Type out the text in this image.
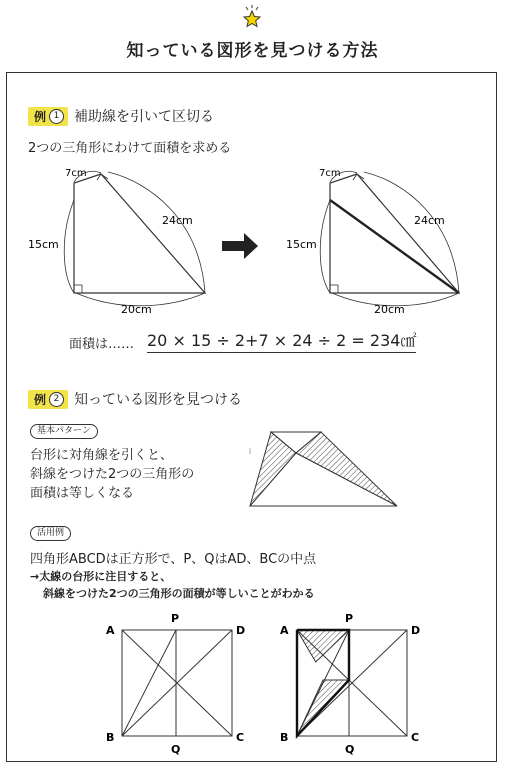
知っている図形を見つける方法
例 1	補助線を引いて区切る
2つの三角形にわけて面積を求める
7cm
24cm
15cm
20cm
7cm
24cm
15cm
20cm
面積は…… 20 × 15 ÷ 2+7 × 24 ÷ 2 = 234㎠
例 2	知っている図形を見つける
基本パターン
台形に対角線を引くと、
斜線をつけた2つの三角形の
面積は等しくなる
活用例
四角形ABCDは正方形で、P、QはAD、BCの中点
→太線の台形に注目すると、
斜線をつけた2つの三角形の面積が等しいことがわかる
A
P
D
B
Q
C
A
P
D
B
Q
C
